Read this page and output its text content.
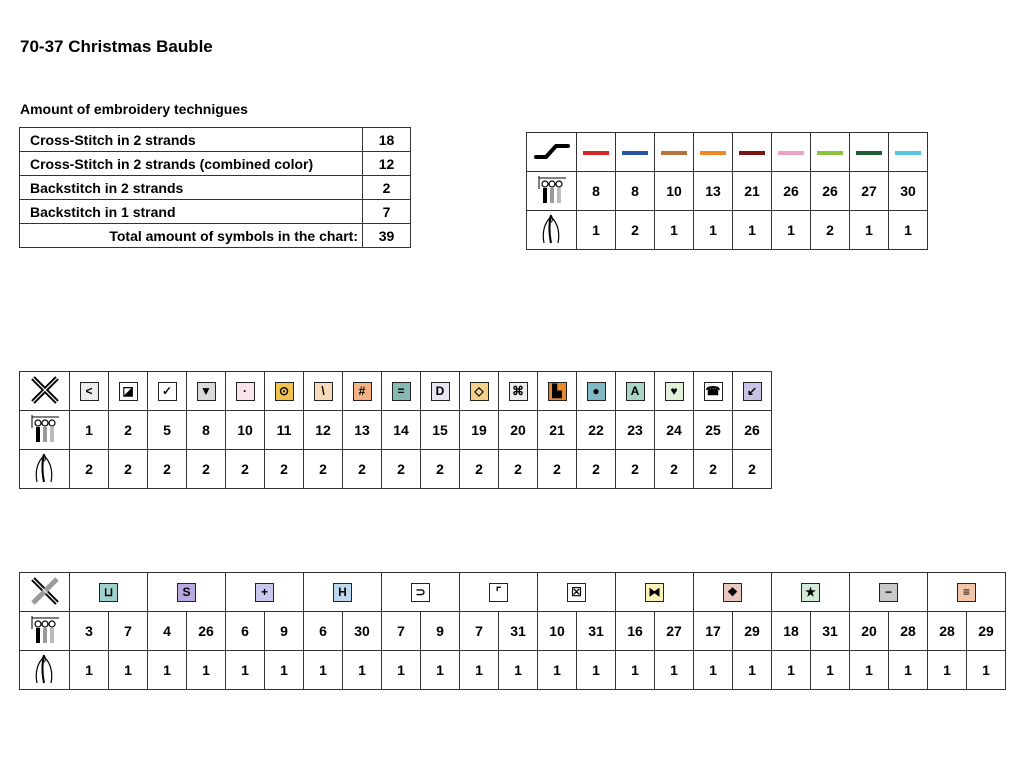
70-37 Christmas Bauble
Amount of embroidery technigues
Cross-Stitch in 2 strands	18
Cross-Stitch in 2 strands (combined color)	12
Backstitch in 2 strands	2
Backstitch in 1 strand	7
Total amount of symbols in the chart:	39

	8	8	10	13	21	26	26	27	30
	1	2	1	1	1	1	2	1	1
	<	◪	✓	▼	·	⊙	\	#	=	D	◇	⌘	▙	●	A	♥	☎	↙
	1	2	5	8	10	11	12	13	14	15	19	20	21	22	23	24	25	26
	2	2	2	2	2	2	2	2	2	2	2	2	2	2	2	2	2	2
	⊔		S		+		H		⊃		⌜		☒		⧓		❖		★		−		≡	
	3	7	4	26	6	9	6	30	7	9	7	31	10	31	16	27	17	29	18	31	20	28	28	29
	1	1	1	1	1	1	1	1	1	1	1	1	1	1	1	1	1	1	1	1	1	1	1	1
